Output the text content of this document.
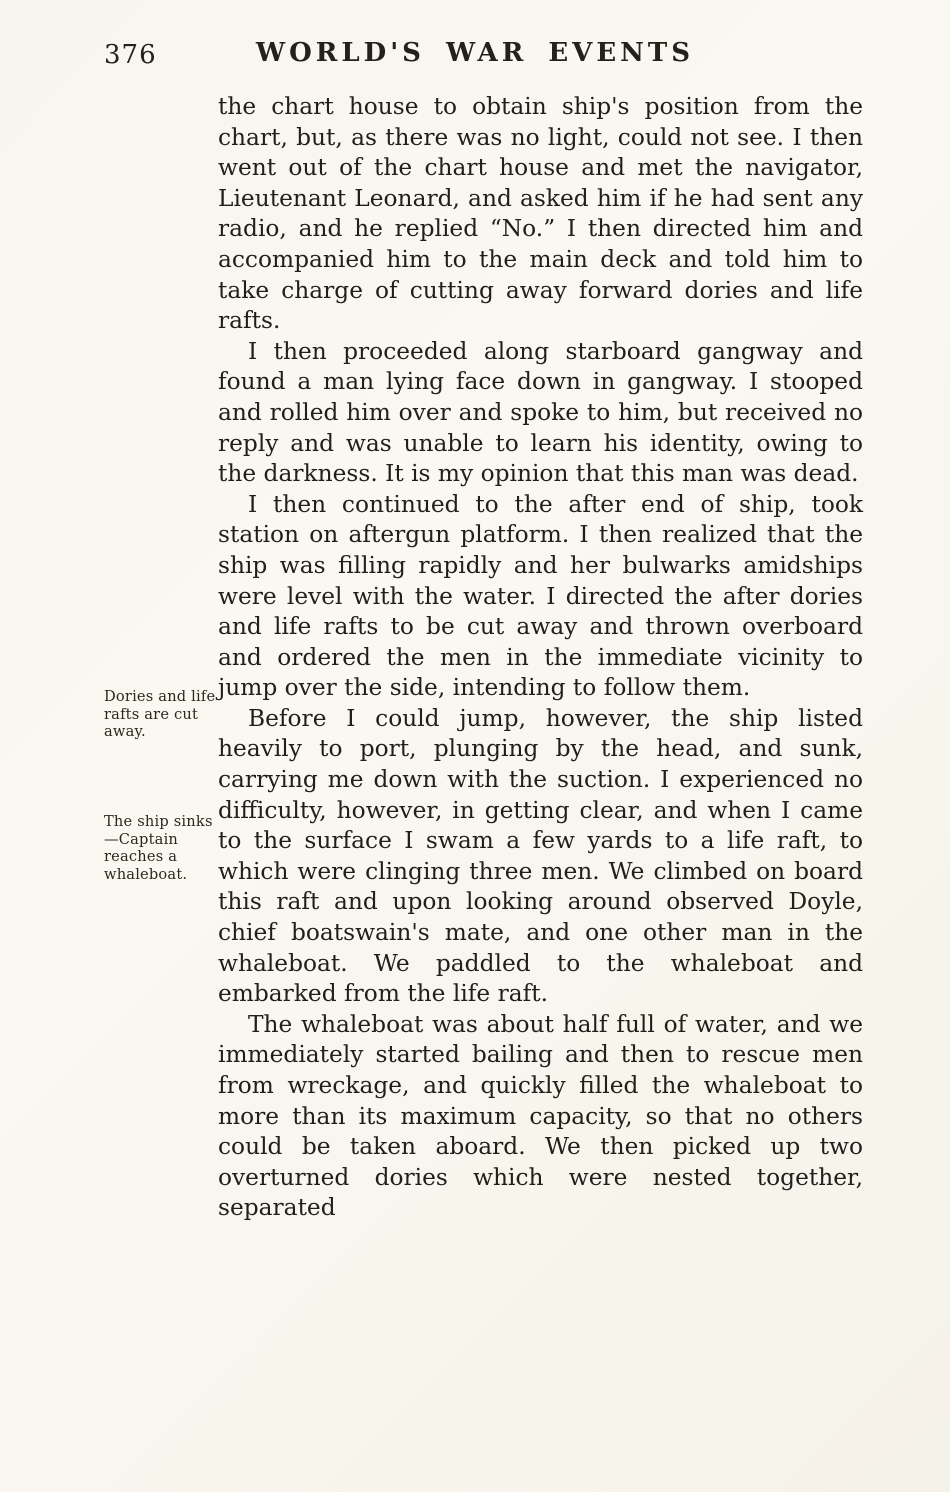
376	WORLD'S WAR EVENTS
Dories and life rafts are cut away.
The ship sinks—Captain reaches a whaleboat.

the chart house to obtain ship's position from the chart, but, as there was no light, could not see. I then went out of the chart house and met the navigator, Lieutenant Leonard, and asked him if he had sent any radio, and he replied “No.” I then directed him and accompanied him to the main deck and told him to take charge of cutting away forward dories and life rafts.

I then proceeded along starboard gangway and found a man lying face down in gangway. I stooped and rolled him over and spoke to him, but received no reply and was unable to learn his identity, owing to the darkness. It is my opinion that this man was dead.

I then continued to the after end of ship, took station on aftergun platform. I then realized that the ship was filling rapidly and her bulwarks amidships were level with the water. I directed the after dories and life rafts to be cut away and thrown overboard and ordered the men in the immediate vicinity to jump over the side, intending to follow them.

Before I could jump, however, the ship listed heavily to port, plunging by the head, and sunk, carrying me down with the suction. I experienced no difficulty, however, in getting clear, and when I came to the surface I swam a few yards to a life raft, to which were clinging three men. We climbed on board this raft and upon looking around observed Doyle, chief boatswain's mate, and one other man in the whaleboat. We paddled to the whaleboat and embarked from the life raft.

The whaleboat was about half full of water, and we immediately started bailing and then to rescue men from wreckage, and quickly filled the whaleboat to more than its maximum capacity, so that no others could be taken aboard. We then picked up two overturned dories which were nested together, separated
